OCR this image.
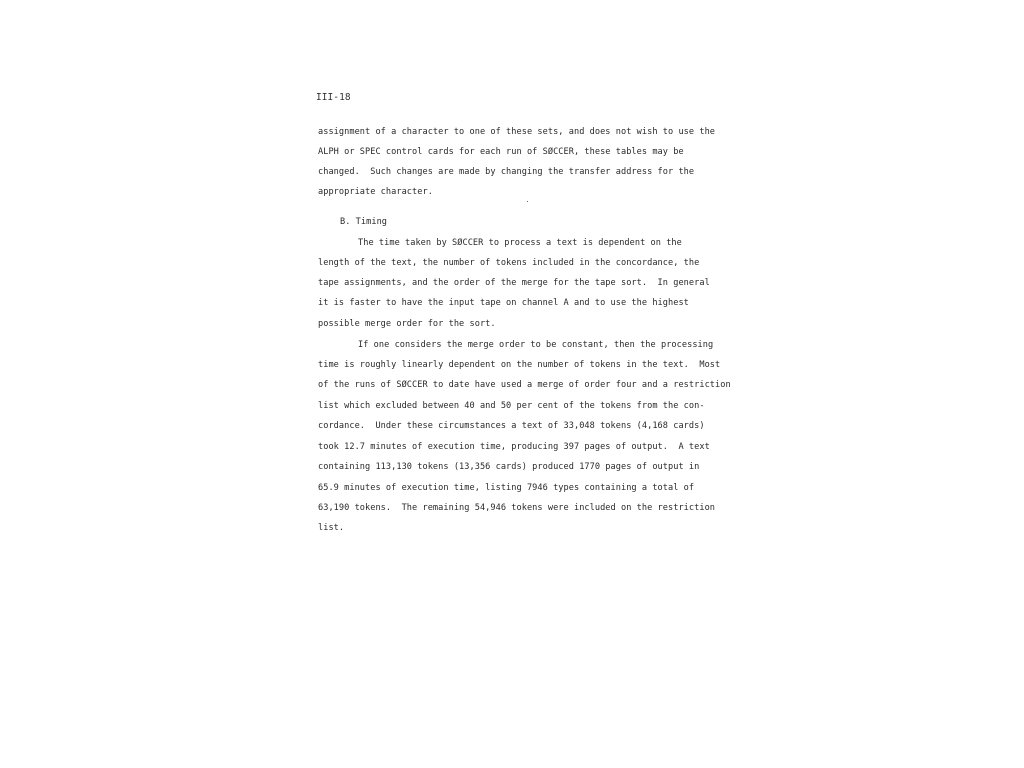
III-18
assignment of a character to one of these sets, and does not wish to use the
ALPH or SPEC control cards for each run of SØCCER, these tables may be
changed.  Such changes are made by changing the transfer address for the
appropriate character.
B. Timing
The time taken by SØCCER to process a text is dependent on the
length of the text, the number of tokens included in the concordance, the
tape assignments, and the order of the merge for the tape sort.  In general
it is faster to have the input tape on channel A and to use the highest
possible merge order for the sort.
If one considers the merge order to be constant, then the processing
time is roughly linearly dependent on the number of tokens in the text.  Most
of the runs of SØCCER to date have used a merge of order four and a restriction
list which excluded between 40 and 50 per cent of the tokens from the con-
cordance.  Under these circumstances a text of 33,048 tokens (4,168 cards)
took 12.7 minutes of execution time, producing 397 pages of output.  A text
containing 113,130 tokens (13,356 cards) produced 1770 pages of output in
65.9 minutes of execution time, listing 7946 types containing a total of
63,190 tokens.  The remaining 54,946 tokens were included on the restriction
list.
